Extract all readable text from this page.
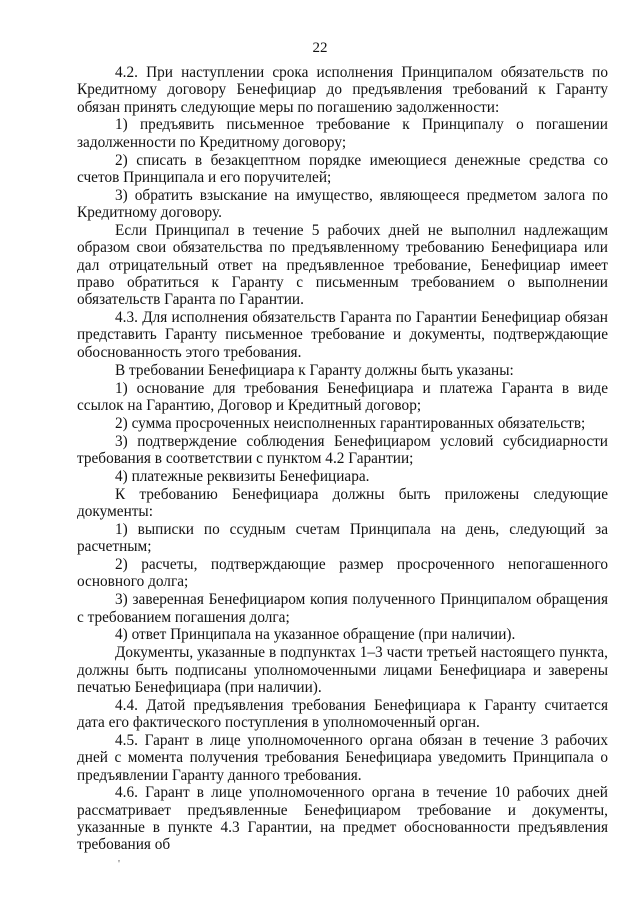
22

4.2. При наступлении срока исполнения Принципалом обязательств по Кредитному договору Бенефициар до предъявления требований к Гаранту обязан принять следующие меры по погашению задолженности:

1) предъявить письменное требование к Принципалу о погашении задолженности по Кредитному договору;

2) списать в безакцептном порядке имеющиеся денежные средства со счетов Принципала и его поручителей;

3) обратить взыскание на имущество, являющееся предметом залога по Кредитному договору.

Если Принципал в течение 5 рабочих дней не выполнил надлежащим образом свои обязательства по предъявленному требованию Бенефициара или дал отрицательный ответ на предъявленное требование, Бенефициар имеет право обратиться к Гаранту с письменным требованием о выполнении обязательств Гаранта по Гарантии.

4.3. Для исполнения обязательств Гаранта по Гарантии Бенефициар обязан представить Гаранту письменное требование и документы, подтверждающие обоснованность этого требования.

В требовании Бенефициара к Гаранту должны быть указаны:

1) основание для требования Бенефициара и платежа Гаранта в виде ссылок на Гарантию, Договор и Кредитный договор;

2) сумма просроченных неисполненных гарантированных обязательств;

3) подтверждение соблюдения Бенефициаром условий субсидиарности требования в соответствии с пунктом 4.2 Гарантии;

4) платежные реквизиты Бенефициара.

К требованию Бенефициара должны быть приложены следующие документы:

1) выписки по ссудным счетам Принципала на день, следующий за расчетным;

2) расчеты, подтверждающие размер просроченного непогашенного основного долга;

3) заверенная Бенефициаром копия полученного Принципалом обращения с требованием погашения долга;

4) ответ Принципала на указанное обращение (при наличии).

Документы, указанные в подпунктах 1–3 части третьей настоящего пункта, должны быть подписаны уполномоченными лицами Бенефициара и заверены печатью Бенефициара (при наличии).

4.4. Датой предъявления требования Бенефициара к Гаранту считается дата его фактического поступления в уполномоченный орган.

4.5. Гарант в лице уполномоченного органа обязан в течение 3 рабочих дней с момента получения требования Бенефициара уведомить Принципала о предъявлении Гаранту данного требования.

4.6. Гарант в лице уполномоченного органа в течение 10 рабочих дней рассматривает предъявленные Бенефициаром требование и документы, указанные в пункте 4.3 Гарантии, на предмет обоснованности предъявления требования об

'
